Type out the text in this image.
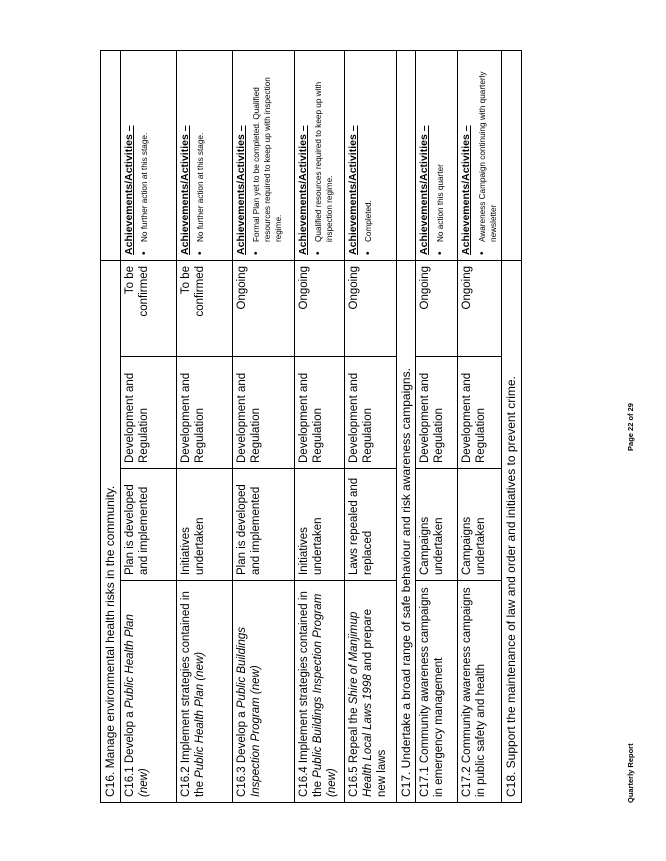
C16. Manage environmental health risks in the community.				
C16.1 Develop a Public Health Plan (new)	Plan is developed and implemented	Development and Regulation	To be confirmed	Achievements/Activities – •
No further action at this stage.

C16.2 Implement strategies contained in the Public Health Plan (new)	Initiatives undertaken	Development and Regulation	To be confirmed	Achievements/Activities – •
No further action at this stage.

C16.3 Develop a Public Buildings Inspection Program (new)	Plan is developed and implemented	Development and Regulation	Ongoing	Achievements/Activities – •
Formal Plan yet to be completed. Qualified resources required to keep up with inspection regime.

C16.4 Implement strategies contained in the Public Buildings Inspection Program (new)	Initiatives undertaken	Development and Regulation	Ongoing	Achievements/Activities – •
Qualified resources required to keep up with inspection regime.

C16.5 Repeal the Shire of Manjimup Health Local Laws 1998 and prepare new laws	Laws repealed and replaced	Development and Regulation	Ongoing	Achievements/Activities – •
Completed.

C17. Undertake a broad range of safe behaviour and risk awareness campaigns.				

C17.1 Community awareness campaigns in emergency management	Campaigns undertaken	Development and Regulation	Ongoing	Achievements/Activities – •
No action this quarter

C17.2 Community awareness campaigns in public safety and health	Campaigns undertaken	Development and Regulation	Ongoing	Achievements/Activities – •
Awareness Campaign continuing with quarterly newsletter

C18. Support the maintenance of law and order and initiatives to prevent crime.					Quarterly Report
Page 22 of 29
